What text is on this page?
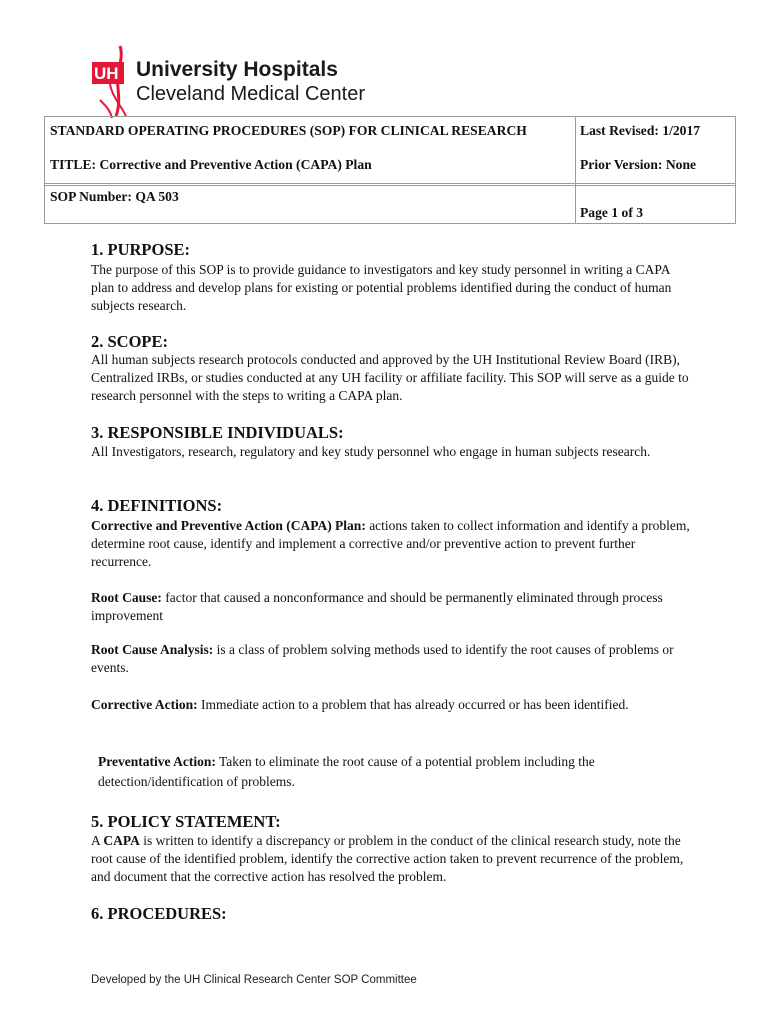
UH University Hospitals
Cleveland Medical Center
STANDARD OPERATING PROCEDURES (SOP) FOR CLINICAL RESEARCH
TITLE: Corrective and Preventive Action (CAPA) Plan
SOP Number: QA 503
Last Revised: 1/2017
Prior Version: None
Page 1 of 3
1. PURPOSE:
The purpose of this SOP is to provide guidance to investigators and key study personnel in writing a CAPA plan to address and develop plans for existing or potential problems identified during the conduct of human subjects research.
2. SCOPE:
All human subjects research protocols conducted and approved by the UH Institutional Review Board (IRB), Centralized IRBs, or studies conducted at any UH facility or affiliate facility. This SOP will serve as a guide to research personnel with the steps to writing a CAPA plan.
3. RESPONSIBLE INDIVIDUALS:
All Investigators, research, regulatory and key study personnel who engage in human subjects research.
4. DEFINITIONS:
Corrective and Preventive Action (CAPA) Plan: actions taken to collect information and identify a problem, determine root cause, identify and implement a corrective and/or preventive action to prevent further recurrence.
Root Cause: factor that caused a nonconformance and should be permanently eliminated through process improvement
Root Cause Analysis: is a class of problem solving methods used to identify the root causes of problems or events.
Corrective Action: Immediate action to a problem that has already occurred or has been identified.
Preventative Action: Taken to eliminate the root cause of a potential problem including the detection/identification of problems.
5. POLICY STATEMENT:
A CAPA is written to identify a discrepancy or problem in the conduct of the clinical research study, note the root cause of the identified problem, identify the corrective action taken to prevent recurrence of the problem, and document that the corrective action has resolved the problem.
6. PROCEDURES:
Developed by the UH Clinical Research Center SOP Committee
